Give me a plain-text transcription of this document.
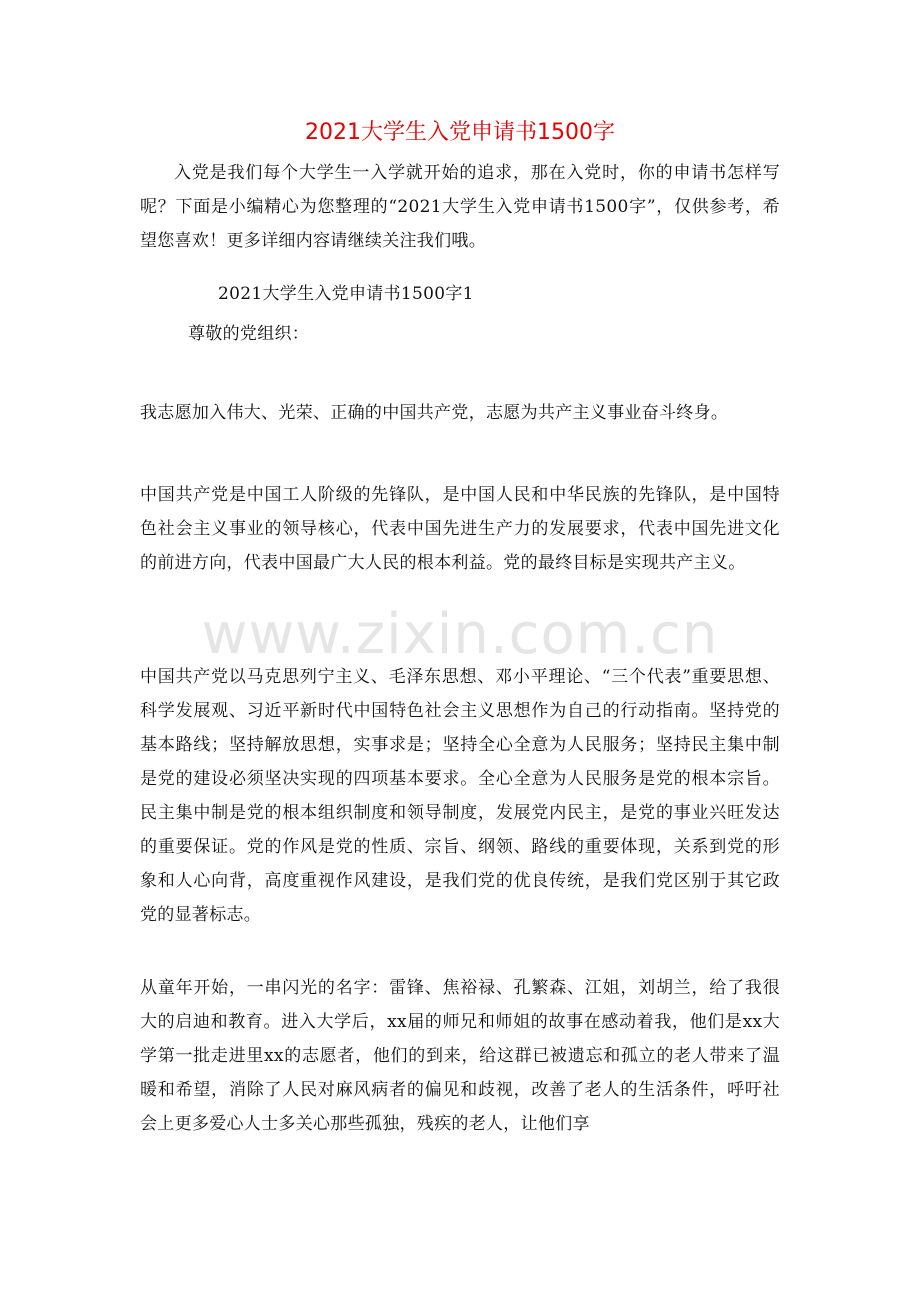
2021大学生入党申请书1500字

入党是我们每个大学生一入学就开始的追求，那在入党时，你的申请书怎样写呢？下面是小编精心为您整理的“2021大学生入党申请书1500字”，仅供参考，希望您喜欢！更多详细内容请继续关注我们哦。

2021大学生入党申请书1500字1

尊敬的党组织：

我志愿加入伟大、光荣、正确的中国共产党，志愿为共产主义事业奋斗终身。

中国共产党是中国工人阶级的先锋队，是中国人民和中华民族的先锋队，是中国特色社会主义事业的领导核心，代表中国先进生产力的发展要求，代表中国先进文化的前进方向，代表中国最广大人民的根本利益。党的最终目标是实现共产主义。

中国共产党以马克思列宁主义、毛泽东思想、邓小平理论、“三个代表”重要思想、科学发展观、习近平新时代中国特色社会主义思想作为自己的行动指南。坚持党的基本路线；坚持解放思想，实事求是；坚持全心全意为人民服务；坚持民主集中制是党的建设必须坚决实现的四项基本要求。全心全意为人民服务是党的根本宗旨。民主集中制是党的根本组织制度和领导制度，发展党内民主，是党的事业兴旺发达的重要保证。党的作风是党的性质、宗旨、纲领、路线的重要体现，关系到党的形象和人心向背，高度重视作风建设，是我们党的优良传统，是我们党区别于其它政党的显著标志。

从童年开始，一串闪光的名字：雷锋、焦裕禄、孔繁森、江姐，刘胡兰，给了我很大的启迪和教育。进入大学后，xx届的师兄和师姐的故事在感动着我，他们是xx大学第一批走进里xx的志愿者，他们的到来，给这群已被遗忘和孤立的老人带来了温暖和希望，消除了人民对麻风病者的偏见和歧视，改善了老人的生活条件，呼吁社会上更多爱心人士多关心那些孤独，残疾的老人，让他们享

www.zixin.com.cn
